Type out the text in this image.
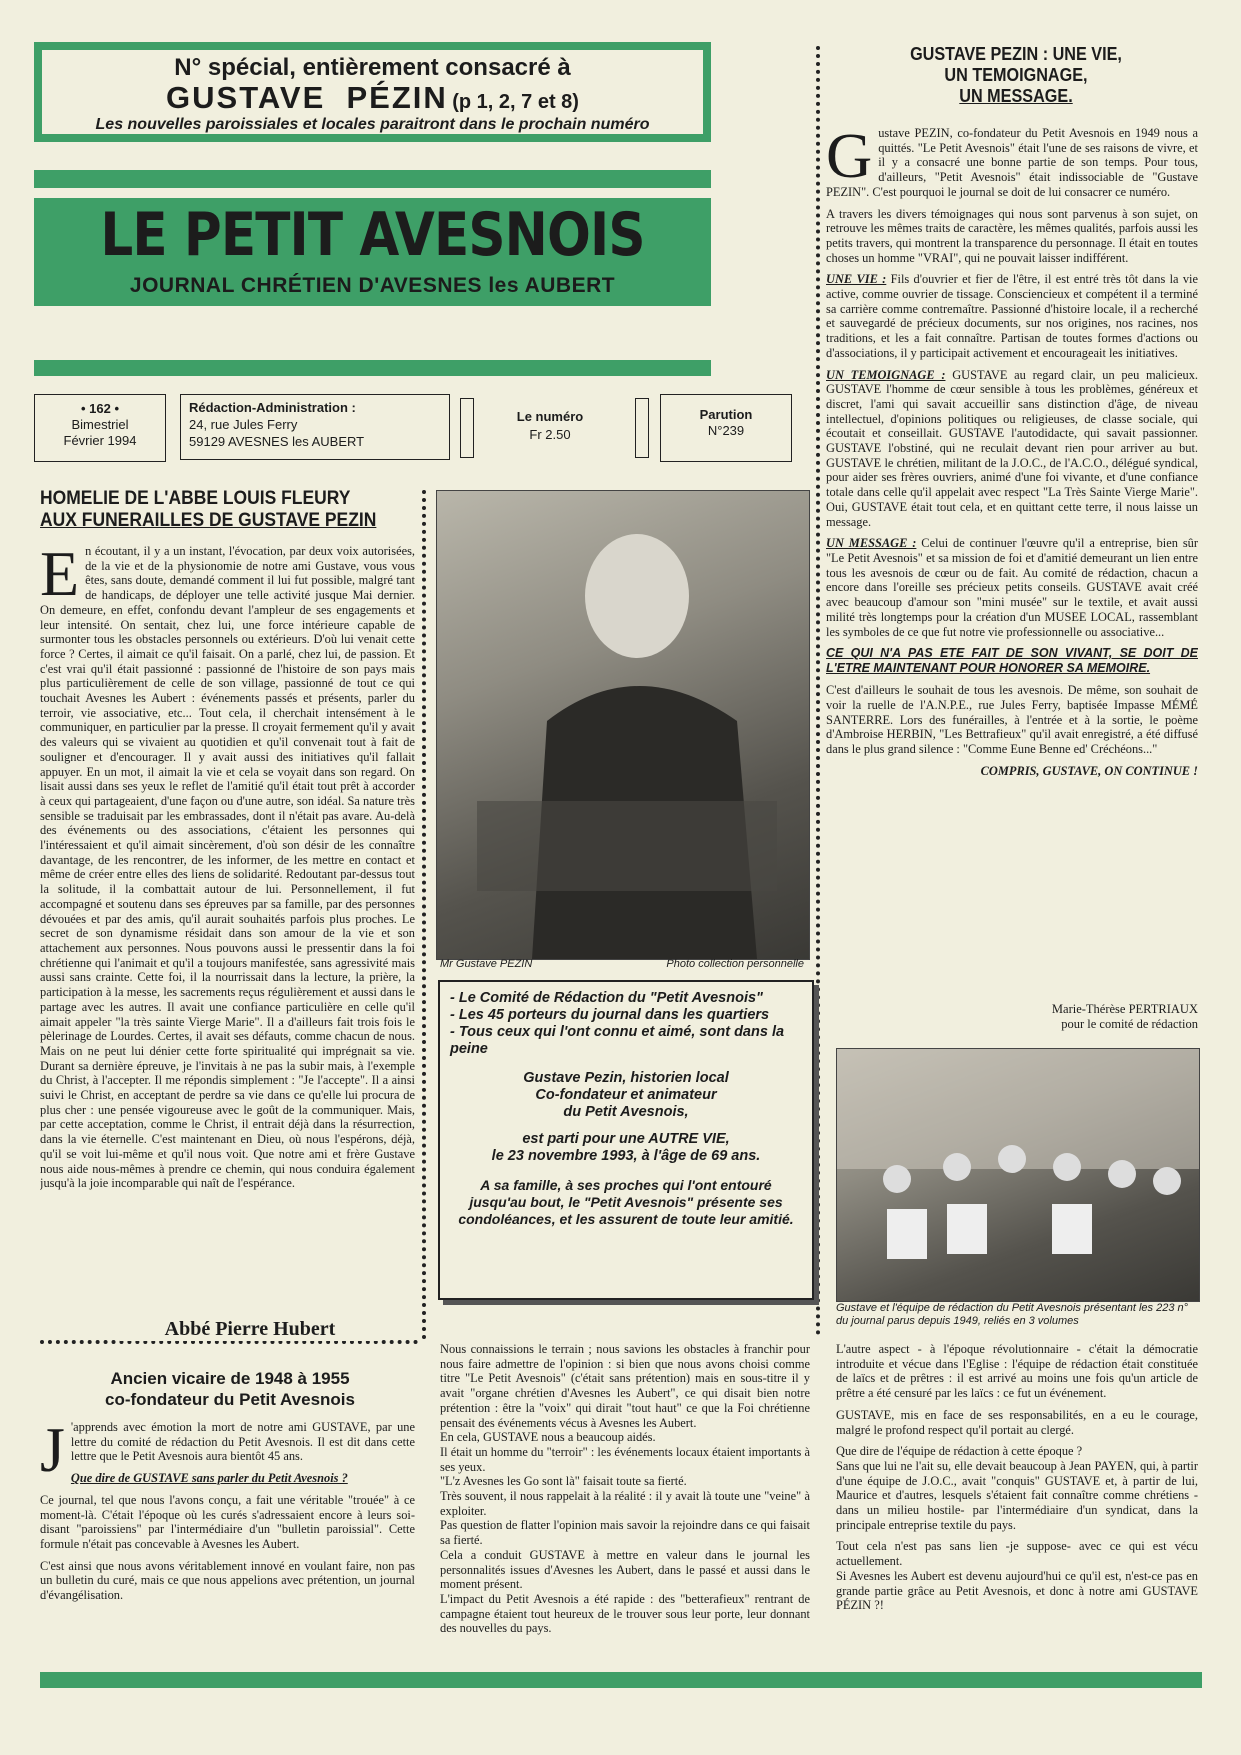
N° spécial, entièrement consacré à
GUSTAVE  PÉZIN (p 1, 2, 7 et 8)
Les nouvelles paroissiales et locales paraitront dans le prochain numéro
LE PETIT AVESNOIS
JOURNAL CHRÉTIEN D'AVESNES les AUBERT
• 162 •
Bimestriel
Février 1994
Rédaction-Administration :
24, rue Jules Ferry
59129 AVESNES les AUBERT
Le numéro
Fr 2.50
Parution
N°239
HOMELIE DE L'ABBE LOUIS FLEURY
AUX FUNERAILLES DE GUSTAVE PEZIN
En écoutant, il y a un instant, l'évocation, par deux voix autorisées, de la vie et de la physionomie de notre ami Gustave, vous vous êtes, sans doute, demandé comment il lui fut possible, malgré tant de handicaps, de déployer une telle activité jusque Mai dernier. On demeure, en effet, confondu devant l'ampleur de ses engagements et leur intensité. On sentait, chez lui, une force intérieure capable de surmonter tous les obstacles personnels ou extérieurs. D'où lui venait cette force ? Certes, il aimait ce qu'il faisait. On a parlé, chez lui, de passion. Et c'est vrai qu'il était passionné : passionné de l'histoire de son pays mais plus particulièrement de celle de son village, passionné de tout ce qui touchait Avesnes les Aubert : événements passés et présents, parler du terroir, vie associative, etc... Tout cela, il cherchait intensément à le communiquer, en particulier par la presse. Il croyait fermement qu'il y avait des valeurs qui se vivaient au quotidien et qu'il convenait tout à fait de souligner et d'encourager. Il y avait aussi des initiatives qu'il fallait appuyer. En un mot, il aimait la vie et cela se voyait dans son regard. On lisait aussi dans ses yeux le reflet de l'amitié qu'il était tout prêt à accorder à ceux qui partageaient, d'une façon ou d'une autre, son idéal. Sa nature très sensible se traduisait par les embrassades, dont il n'était pas avare. Au-delà des événements ou des associations, c'étaient les personnes qui l'intéressaient et qu'il aimait sincèrement, d'où son désir de les connaître davantage, de les rencontrer, de les informer, de les mettre en contact et même de créer entre elles des liens de solidarité. Redoutant par-dessus tout la solitude, il la combattait autour de lui. Personnellement, il fut accompagné et soutenu dans ses épreuves par sa famille, par des personnes dévouées et par des amis, qu'il aurait souhaités parfois plus proches. Le secret de son dynamisme résidait dans son amour de la vie et son attachement aux personnes. Nous pouvons aussi le pressentir dans la foi chrétienne qui l'animait et qu'il a toujours manifestée, sans agressivité mais aussi sans crainte. Cette foi, il la nourrissait dans la lecture, la prière, la participation à la messe, les sacrements reçus régulièrement et aussi dans le partage avec les autres. Il avait une confiance particulière en celle qu'il aimait appeler "la très sainte Vierge Marie". Il a d'ailleurs fait trois fois le pèlerinage de Lourdes. Certes, il avait ses défauts, comme chacun de nous. Mais on ne peut lui dénier cette forte spiritualité qui imprégnait sa vie. Durant sa dernière épreuve, je l'invitais à ne pas la subir mais, à l'exemple du Christ, à l'accepter. Il me répondis simplement : "Je l'accepte". Il a ainsi suivi le Christ, en acceptant de perdre sa vie dans ce qu'elle lui procura de plus cher : une pensée vigoureuse avec le goût de la communiquer. Mais, par cette acceptation, comme le Christ, il entrait déjà dans la résurrection, dans la vie éternelle. C'est maintenant en Dieu, où nous l'espérons, déjà, qu'il se voit lui-même et qu'il nous voit. Que notre ami et frère Gustave nous aide nous-mêmes à prendre ce chemin, qui nous conduira également jusqu'à la joie incomparable qui naît de l'espérance.
Mr Gustave PEZIN	Photo collection personnelle
- Le Comité de Rédaction du "Petit Avesnois"
- Les 45 porteurs du journal dans les quartiers
- Tous ceux qui l'ont connu et aimé, sont dans la peine
Gustave Pezin, historien local
Co-fondateur et animateur
du Petit Avesnois,
est parti pour une AUTRE VIE,
le 23 novembre 1993, à l'âge de 69 ans.
A sa famille, à ses proches qui l'ont entouré jusqu'au bout, le "Petit Avesnois" présente ses condoléances, et les assurent de toute leur amitié.
GUSTAVE PEZIN : UNE VIE,
UN TEMOIGNAGE,
UN MESSAGE.

Gustave PEZIN, co-fondateur du Petit Avesnois en 1949 nous a quittés. "Le Petit Avesnois" était l'une de ses raisons de vivre, et il y a consacré une bonne partie de son temps. Pour tous, d'ailleurs, "Petit Avesnois" était indissociable de "Gustave PEZIN". C'est pourquoi le journal se doit de lui consacrer ce numéro.

A travers les divers témoignages qui nous sont parvenus à son sujet, on retrouve les mêmes traits de caractère, les mêmes qualités, parfois aussi les petits travers, qui montrent la transparence du personnage. Il était en toutes choses un homme "VRAI", qui ne pouvait laisser indifférent.

UNE VIE : Fils d'ouvrier et fier de l'être, il est entré très tôt dans la vie active, comme ouvrier de tissage. Consciencieux et compétent il a terminé sa carrière comme contremaître. Passionné d'histoire locale, il a recherché et sauvegardé de précieux documents, sur nos origines, nos racines, nos traditions, et les a fait connaître. Partisan de toutes formes d'actions ou d'associations, il y participait activement et encourageait les initiatives.

UN TEMOIGNAGE : GUSTAVE au regard clair, un peu malicieux. GUSTAVE l'homme de cœur sensible à tous les problèmes, généreux et discret, l'ami qui savait accueillir sans distinction d'âge, de niveau intellectuel, d'opinions politiques ou religieuses, de classe sociale, qui écoutait et conseillait. GUSTAVE l'autodidacte, qui savait passionner. GUSTAVE l'obstiné, qui ne reculait devant rien pour arriver au but. GUSTAVE le chrétien, militant de la J.O.C., de l'A.C.O., délégué syndical, pour aider ses frères ouvriers, animé d'une foi vivante, et d'une confiance totale dans celle qu'il appelait avec respect "La Très Sainte Vierge Marie". Oui, GUSTAVE était tout cela, et en quittant cette terre, il nous laisse un message.

UN MESSAGE : Celui de continuer l'œuvre qu'il a entreprise, bien sûr "Le Petit Avesnois" et sa mission de foi et d'amitié demeurant un lien entre tous les avesnois de cœur ou de fait. Au comité de rédaction, chacun a encore dans l'oreille ses précieux petits conseils. GUSTAVE avait créé avec beaucoup d'amour son "mini musée" sur le textile, et avait aussi milité très longtemps pour la création d'un MUSEE LOCAL, rassemblant les symboles de ce que fut notre vie professionnelle ou associative...

CE QUI N'A PAS ETE FAIT DE SON VIVANT, SE DOIT DE L'ETRE MAINTENANT POUR HONORER SA MEMOIRE.

C'est d'ailleurs le souhait de tous les avesnois. De même, son souhait de voir la ruelle de l'A.N.P.E., rue Jules Ferry, baptisée Impasse MÉMÉ SANTERRE. Lors des funérailles, à l'entrée et à la sortie, le poème d'Ambroise HERBIN, "Les Bettrafieux" qu'il avait enregistré, a été diffusé dans le plus grand silence : "Comme Eune Benne ed' Créchéons..."

COMPRIS, GUSTAVE, ON CONTINUE !

Marie-Thérèse PERTRIAUX
pour le comité de rédaction
Gustave et l'équipe de rédaction du Petit Avesnois présentant les 223 n° du journal parus depuis 1949, reliés en 3 volumes
Abbé Pierre Hubert
Ancien vicaire de 1948 à 1955
co-fondateur du Petit Avesnois

J 'apprends avec émotion la mort de notre ami GUSTAVE, par une lettre du comité de rédaction du Petit Avesnois. Il est dit dans cette lettre que le Petit Avesnois aura bientôt 45 ans.

Que dire de GUSTAVE sans parler du Petit Avesnois ?

Ce journal, tel que nous l'avons conçu, a fait une véritable "trouée" à ce moment-là. C'était l'époque où les curés s'adressaient encore à leurs soi-disant "paroissiens" par l'intermédiaire d'un "bulletin paroissial". Cette formule n'était pas concevable à Avesnes les Aubert.

C'est ainsi que nous avons véritablement innové en voulant faire, non pas un bulletin du curé, mais ce que nous appelions avec prétention, un journal d'évangélisation.

Nous connaissions le terrain ; nous savions les obstacles à franchir pour nous faire admettre de l'opinion : si bien que nous avons choisi comme titre "Le Petit Avesnois" (c'était sans prétention) mais en sous-titre il y avait "organe chrétien d'Avesnes les Aubert", ce qui disait bien notre prétention : être la "voix" qui dirait "tout haut" ce que la Foi chrétienne pensait des événements vécus à Avesnes les Aubert.

En cela, GUSTAVE nous a beaucoup aidés.

Il était un homme du "terroir" : les événements locaux étaient importants à ses yeux.

"L'z Avesnes les Go sont là" faisait toute sa fierté.

Très souvent, il nous rappelait à la réalité : il y avait là toute une "veine" à exploiter.

Pas question de flatter l'opinion mais savoir la rejoindre dans ce qui faisait sa fierté.

Cela a conduit GUSTAVE à mettre en valeur dans le journal les personnalités issues d'Avesnes les Aubert, dans le passé et aussi dans le moment présent.

L'impact du Petit Avesnois a été rapide : des "betterafieux" rentrant de campagne étaient tout heureux de le trouver sous leur porte, leur donnant des nouvelles du pays.

L'autre aspect - à l'époque révolutionnaire - c'était la démocratie introduite et vécue dans l'Eglise : l'équipe de rédaction était constituée de laïcs et de prêtres : il est arrivé au moins une fois qu'un article de prêtre a été censuré par les laïcs : ce fut un événement.

GUSTAVE, mis en face de ses responsabilités, en a eu le courage, malgré le profond respect qu'il portait au clergé.

Que dire de l'équipe de rédaction à cette époque ?

Sans que lui ne l'ait su, elle devait beaucoup à Jean PAYEN, qui, à partir d'une équipe de J.O.C., avait "conquis" GUSTAVE et, à partir de lui, Maurice et d'autres, lesquels s'étaient fait connaître comme chrétiens -dans un milieu hostile- par l'intermédiaire d'un syndicat, dans la principale entreprise textile du pays.

Tout cela n'est pas sans lien -je suppose- avec ce qui est vécu actuellement.

Si Avesnes les Aubert est devenu aujourd'hui ce qu'il est, n'est-ce pas en grande partie grâce au Petit Avesnois, et donc à notre ami GUSTAVE PÉZIN ?!
